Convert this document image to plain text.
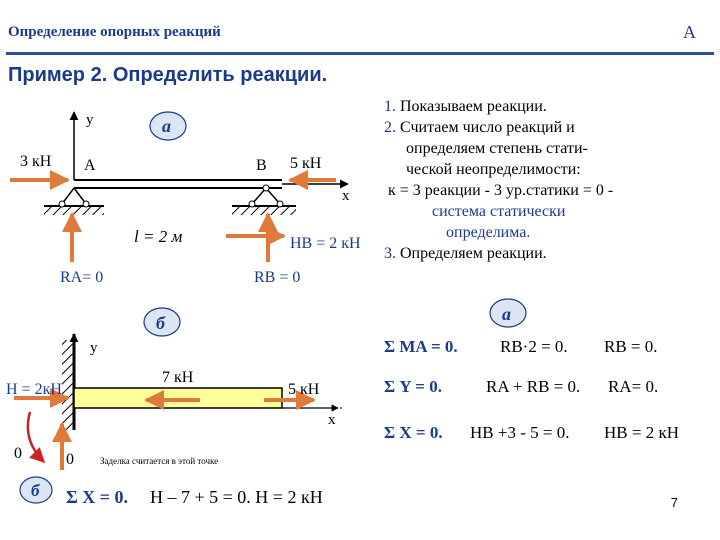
Определение опорных реакций	А
Пример 2. Определить реакции.
1. Показываем реакции.
2. Считаем число реакций и
определяем степень стати-
ческой неопределимости:
к = 3 реакции - 3 ур.статики = 0 -
система статически
определима.
3. Определяем реакции.
у	а
х
3 кН	5 кН
А	В
l = 2 м	HB = 2 кН
RA= 0	RB = 0
б
у
х
7 кН
5 кН
H = 2кН
0	0	Заделка считается в этой точке
б Σ X = 0. H – 7 + 5 = 0. H = 2 кН
а
Σ MA = 0. RB·2 = 0. RB = 0.
Σ Y = 0.	RA + RB = 0. RA= 0.
Σ X = 0. HB +3 - 5 = 0. HB = 2 кН
7
